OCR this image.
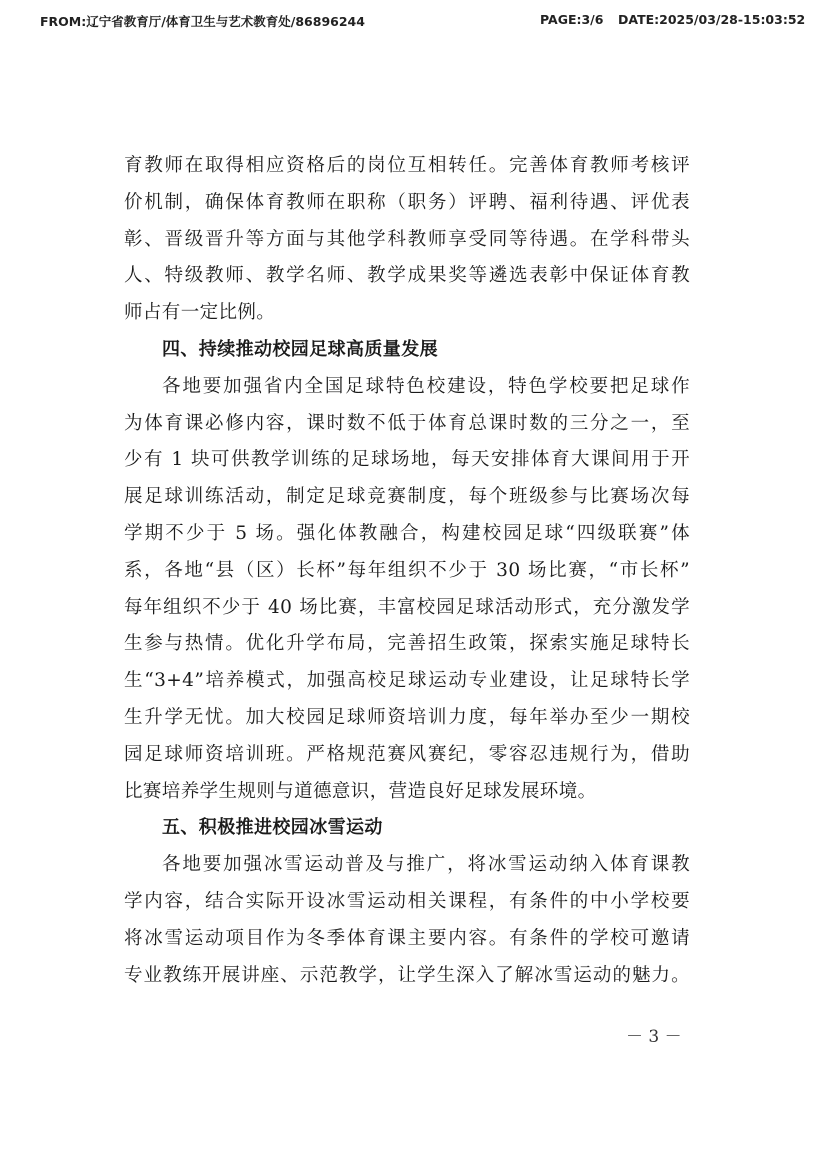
FROM:辽宁省教育厅/体育卫生与艺术教育处/86896244	PAGE:3/6 DATE:2025/03/28-15:03:52
育教师在取得相应资格后的岗位互相转任。完善体育教师考核评
价机制，确保体育教师在职称（职务）评聘、福利待遇、评优表
彰、晋级晋升等方面与其他学科教师享受同等待遇。在学科带头
人、特级教师、教学名师、教学成果奖等遴选表彰中保证体育教
师占有一定比例。
四、持续推动校园足球高质量发展
各地要加强省内全国足球特色校建设，特色学校要把足球作
为体育课必修内容，课时数不低于体育总课时数的三分之一，至
少有 1 块可供教学训练的足球场地，每天安排体育大课间用于开
展足球训练活动，制定足球竞赛制度，每个班级参与比赛场次每
学期不少于 5 场。强化体教融合，构建校园足球“四级联赛”体
系，各地“县（区）长杯”每年组织不少于 30 场比赛，“市长杯”
每年组织不少于 40 场比赛，丰富校园足球活动形式，充分激发学
生参与热情。优化升学布局，完善招生政策，探索实施足球特长
生“3+4”培养模式，加强高校足球运动专业建设，让足球特长学
生升学无忧。加大校园足球师资培训力度，每年举办至少一期校
园足球师资培训班。严格规范赛风赛纪，零容忍违规行为，借助
比赛培养学生规则与道德意识，营造良好足球发展环境。
五、积极推进校园冰雪运动
各地要加强冰雪运动普及与推广，将冰雪运动纳入体育课教
学内容，结合实际开设冰雪运动相关课程，有条件的中小学校要
将冰雪运动项目作为冬季体育课主要内容。有条件的学校可邀请
专业教练开展讲座、示范教学，让学生深入了解冰雪运动的魅力。
－ 3 －
